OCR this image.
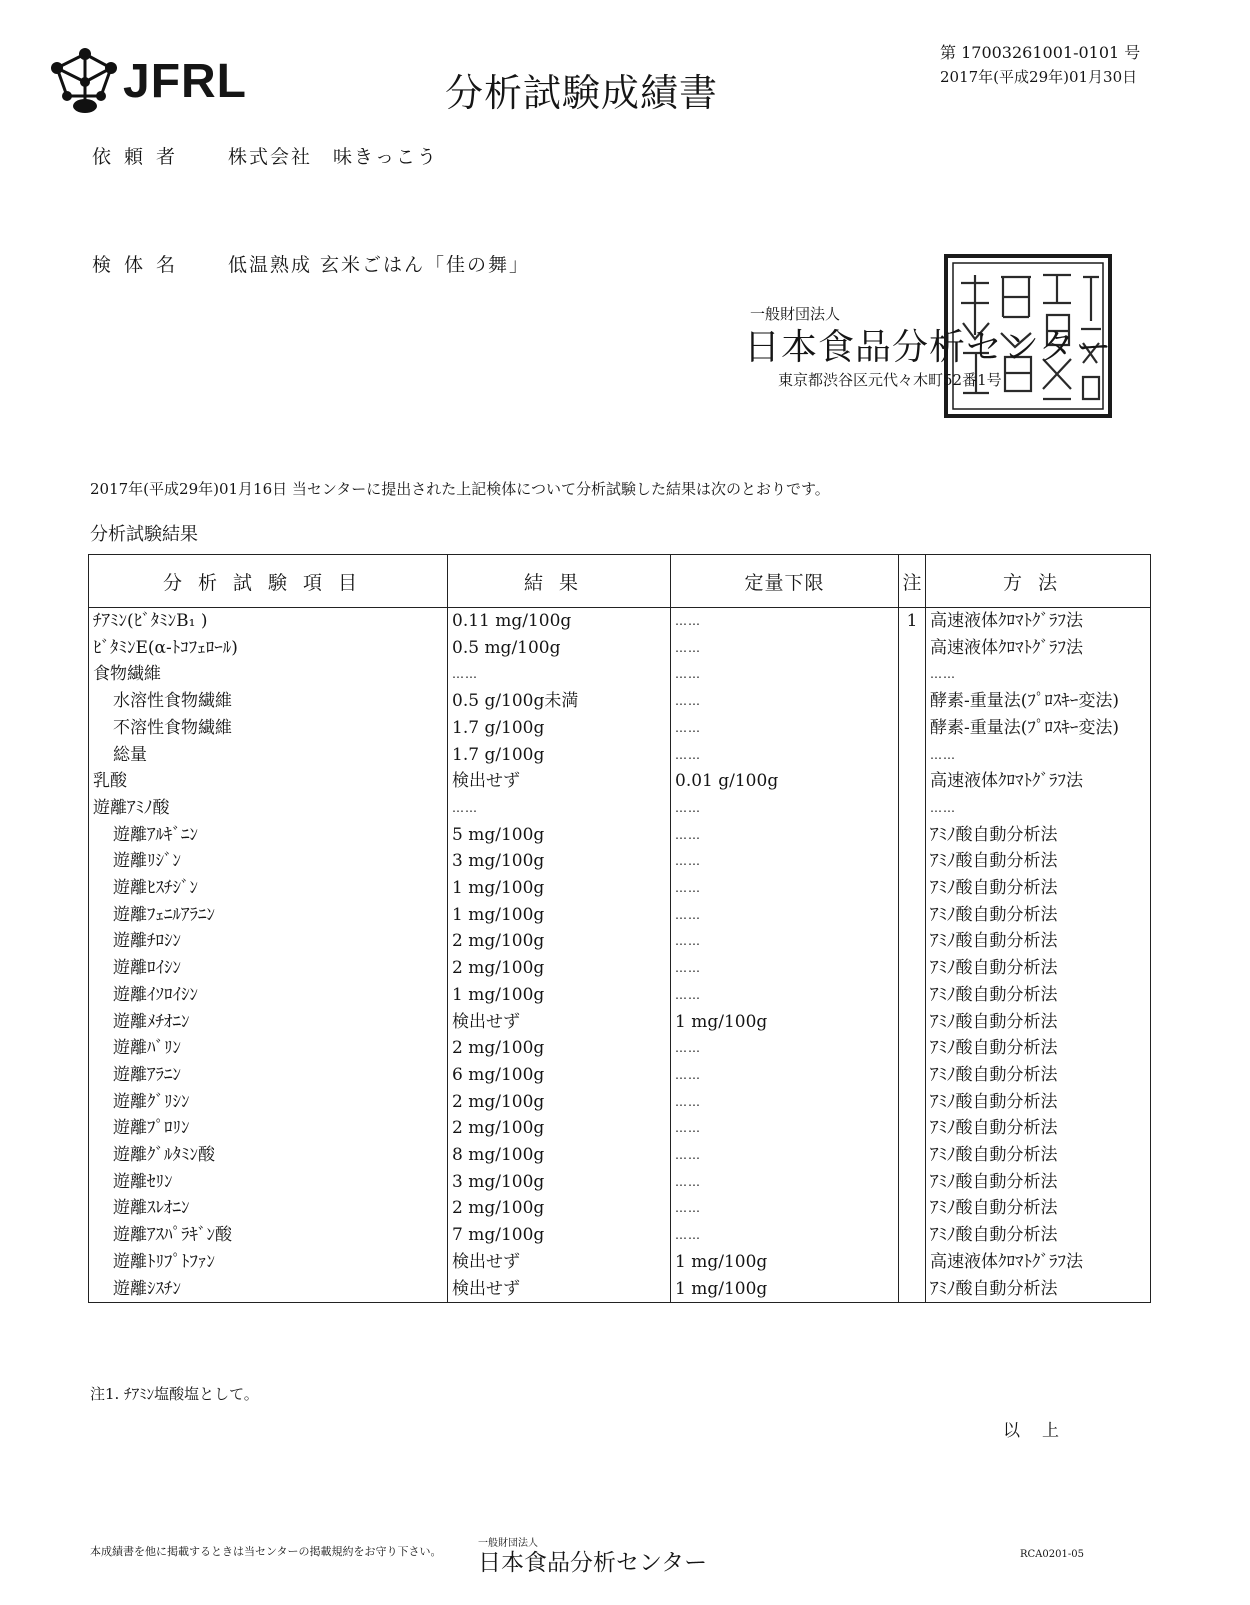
JFRL	分析試験成績書
第 17003261001-0101 号
2017年(平成29年)01月30日
依頼者 株式会社　味きっこう
検体名 低温熟成 玄米ごはん「佳の舞」
一般財団法人
日本食品分析センター
東京都渋谷区元代々木町52番1号
2017年(平成29年)01月16日 当センターに提出された上記検体について分析試験した結果は次のとおりです。
分析試験結果
分析試験項目	結果	定量下限	注	方法
ﾁｱﾐﾝ(ﾋﾞﾀﾐﾝB₁ )	0.11 mg/100g	……	1	高速液体ｸﾛﾏﾄｸﾞﾗﾌ法
ﾋﾞﾀﾐﾝE(α-ﾄｺﾌｪﾛｰﾙ)	0.5 mg/100g	……		高速液体ｸﾛﾏﾄｸﾞﾗﾌ法
食物繊維	……	……		……
水溶性食物繊維	0.5 g/100g未満	……		酵素-重量法(ﾌﾟﾛｽｷｰ変法)
不溶性食物繊維	1.7 g/100g	……		酵素-重量法(ﾌﾟﾛｽｷｰ変法)
総量	1.7 g/100g	……		……
乳酸	検出せず	0.01 g/100g		高速液体ｸﾛﾏﾄｸﾞﾗﾌ法
遊離ｱﾐﾉ酸	……	……		……
遊離ｱﾙｷﾞﾆﾝ	5 mg/100g	……		ｱﾐﾉ酸自動分析法
遊離ﾘｼﾞﾝ	3 mg/100g	……		ｱﾐﾉ酸自動分析法
遊離ﾋｽﾁｼﾞﾝ	1 mg/100g	……		ｱﾐﾉ酸自動分析法
遊離ﾌｪﾆﾙｱﾗﾆﾝ	1 mg/100g	……		ｱﾐﾉ酸自動分析法
遊離ﾁﾛｼﾝ	2 mg/100g	……		ｱﾐﾉ酸自動分析法
遊離ﾛｲｼﾝ	2 mg/100g	……		ｱﾐﾉ酸自動分析法
遊離ｲｿﾛｲｼﾝ	1 mg/100g	……		ｱﾐﾉ酸自動分析法
遊離ﾒﾁｵﾆﾝ	検出せず	1 mg/100g		ｱﾐﾉ酸自動分析法
遊離ﾊﾞﾘﾝ	2 mg/100g	……		ｱﾐﾉ酸自動分析法
遊離ｱﾗﾆﾝ	6 mg/100g	……		ｱﾐﾉ酸自動分析法
遊離ｸﾞﾘｼﾝ	2 mg/100g	……		ｱﾐﾉ酸自動分析法
遊離ﾌﾟﾛﾘﾝ	2 mg/100g	……		ｱﾐﾉ酸自動分析法
遊離ｸﾞﾙﾀﾐﾝ酸	8 mg/100g	……		ｱﾐﾉ酸自動分析法
遊離ｾﾘﾝ	3 mg/100g	……		ｱﾐﾉ酸自動分析法
遊離ｽﾚｵﾆﾝ	2 mg/100g	……		ｱﾐﾉ酸自動分析法
遊離ｱｽﾊﾟﾗｷﾞﾝ酸	7 mg/100g	……		ｱﾐﾉ酸自動分析法
遊離ﾄﾘﾌﾟﾄﾌｧﾝ	検出せず	1 mg/100g		高速液体ｸﾛﾏﾄｸﾞﾗﾌ法
遊離ｼｽﾁﾝ	検出せず	1 mg/100g		ｱﾐﾉ酸自動分析法
注1. ﾁｱﾐﾝ塩酸塩として。
以上
本成績書を他に掲載するときは当センターの掲載規約をお守り下さい。
一般財団法人
日本食品分析センター	RCA0201-05
